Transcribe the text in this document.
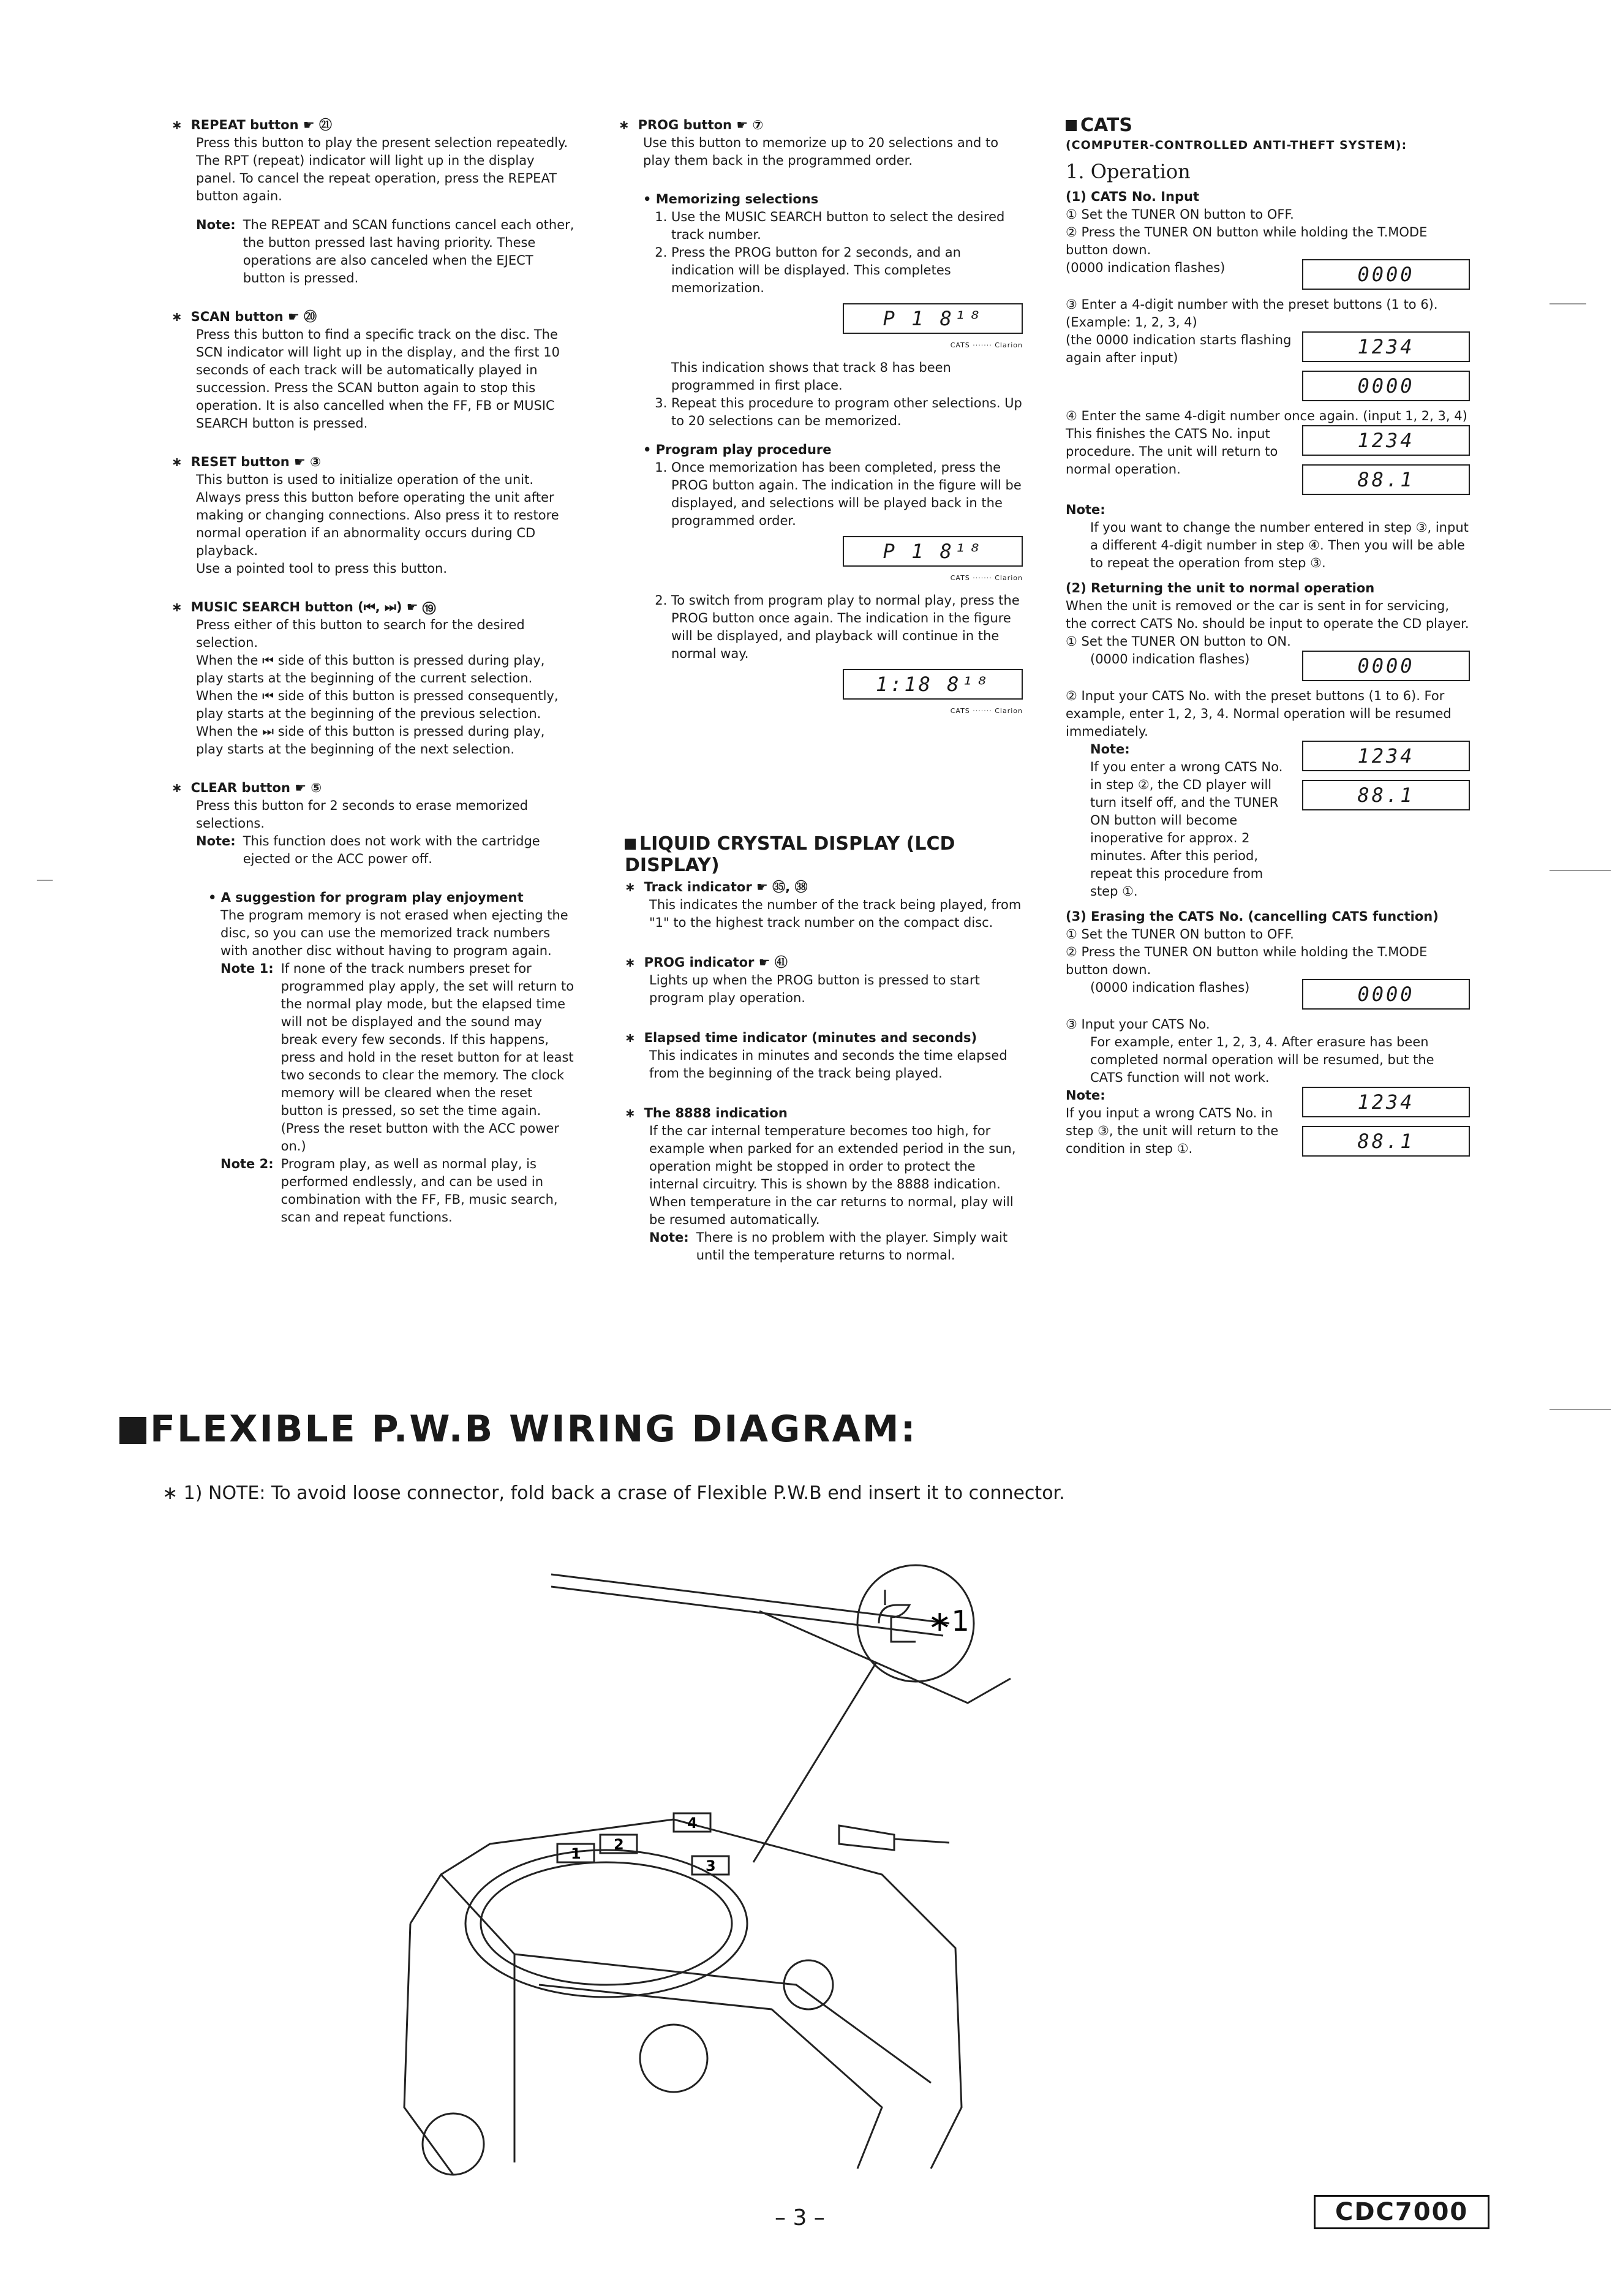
∗ REPEAT button ☛ ㉑

Press this button to play the present selection repeatedly. The RPT (repeat) indicator will light up in the display panel. To cancel the repeat operation, press the REPEAT button again.

Note: The REPEAT and SCAN functions cancel each other, the button pressed last having priority. These operations are also canceled when the EJECT button is pressed.

∗ SCAN button ☛ ⑳

Press this button to find a specific track on the disc. The SCN indicator will light up in the display, and the first 10 seconds of each track will be automatically played in succession. Press the SCAN button again to stop this operation. It is also cancelled when the FF, FB or MUSIC SEARCH button is pressed.

∗ RESET button ☛ ③

This button is used to initialize operation of the unit. Always press this button before operating the unit after making or changing connections. Also press it to restore normal operation if an abnormality occurs during CD playback.

Use a pointed tool to press this button.

∗ MUSIC SEARCH button (⏮, ⏭) ☛ ⑲

Press either of this button to search for the desired selection.

When the ⏮ side of this button is pressed during play, play starts at the beginning of the current selection.

When the ⏮ side of this button is pressed consequently, play starts at the beginning of the previous selection.

When the ⏭ side of this button is pressed during play, play starts at the beginning of the next selection.

∗ CLEAR button ☛ ⑤

Press this button for 2 seconds to erase memorized selections.

Note: This function does not work with the cartridge ejected or the ACC power off.

• A suggestion for program play enjoyment

The program memory is not erased when ejecting the disc, so you can use the memorized track numbers with another disc without having to program again.

Note 1: If none of the track numbers preset for programmed play apply, the set will return to the normal play mode, but the elapsed time will not be displayed and the sound may break every few seconds. If this happens, press and hold in the reset button for at least two seconds to clear the memory. The clock memory will be cleared when the reset button is pressed, so set the time again. (Press the reset button with the ACC power on.)
Note 2: Program play, as well as normal play, is performed endlessly, and can be used in combination with the FF, FB, music search, scan and repeat functions.

∗ PROG button ☛ ⑦

Use this button to memorize up to 20 selections and to play them back in the programmed order.

• Memorizing selections

1. Use the MUSIC SEARCH button to select the desired track number.
2. Press the PROG button for 2 seconds, and an indication will be displayed. This completes memorization.
P 1 8¹⁸
CATS ······· Clarion
This indication shows that track 8 has been programmed in first place.
3. Repeat this procedure to program other selections. Up to 20 selections can be memorized.

• Program play procedure

1. Once memorization has been completed, press the PROG button again. The indication in the figure will be displayed, and selections will be played back in the programmed order.
P 1 8¹⁸
CATS ······· Clarion
2. To switch from program play to normal play, press the PROG button once again. The indication in the figure will be displayed, and playback will continue in the normal way.
1:18 8¹⁸
CATS ······· Clarion
LIQUID CRYSTAL DISPLAY (LCD DISPLAY)

∗ Track indicator ☛ ㉟, ㊳

This indicates the number of the track being played, from "1" to the highest track number on the compact disc.

∗ PROG indicator ☛ ㊶

Lights up when the PROG button is pressed to start program play operation.

∗ Elapsed time indicator (minutes and seconds)

This indicates in minutes and seconds the time elapsed from the beginning of the track being played.

∗ The 8888 indication

If the car internal temperature becomes too high, for example when parked for an extended period in the sun, operation might be stopped in order to protect the internal circuitry. This is shown by the 8888 indication. When temperature in the car returns to normal, play will be resumed automatically.

Note: There is no problem with the player. Simply wait until the temperature returns to normal.

CATS

(COMPUTER-CONTROLLED ANTI-THEFT SYSTEM):

1. Operation

(1) CATS No. Input

① Set the TUNER ON button to OFF.

② Press the TUNER ON button while holding the T.MODE button down.

(0000 indication flashes)	0000

③ Enter a 4-digit number with the preset buttons (1 to 6). (Example: 1, 2, 3, 4)

(the 0000 indication starts flashing again after input)	1234
0000

④ Enter the same 4-digit number once again. (input 1, 2, 3, 4)

This finishes the CATS No. input procedure. The unit will return to normal operation.
1234
88.1

Note:

If you want to change the number entered in step ③, input a different 4-digit number in step ④. Then you will be able to repeat the operation from step ③.

(2) Returning the unit to normal operation

When the unit is removed or the car is sent in for servicing, the correct CATS No. should be input to operate the CD player.

① Set the TUNER ON button to ON.

(0000 indication flashes)	0000

② Input your CATS No. with the preset buttons (1 to 6). For example, enter 1, 2, 3, 4. Normal operation will be resumed immediately.

Note:
If you enter a wrong CATS No. in step ②, the CD player will turn itself off, and the TUNER ON button will become inoperative for approx. 2 minutes. After this period, repeat this procedure from step ①.
1234
88.1

(3) Erasing the CATS No. (cancelling CATS function)

① Set the TUNER ON button to OFF.

② Press the TUNER ON button while holding the T.MODE button down.

(0000 indication flashes)	0000

③ Input your CATS No.

For example, enter 1, 2, 3, 4. After erasure has been completed normal operation will be resumed, but the CATS function will not work.

Note:
If you input a wrong CATS No. in step ③, the unit will return to the condition in step ①.
1234
88.1
FLEXIBLE P.W.B WIRING DIAGRAM:
∗ 1) NOTE: To avoid loose connector, fold back a crase of Flexible P.W.B end insert it to connector.
∗1
1
2
3
4
– 3 –	CDC7000
